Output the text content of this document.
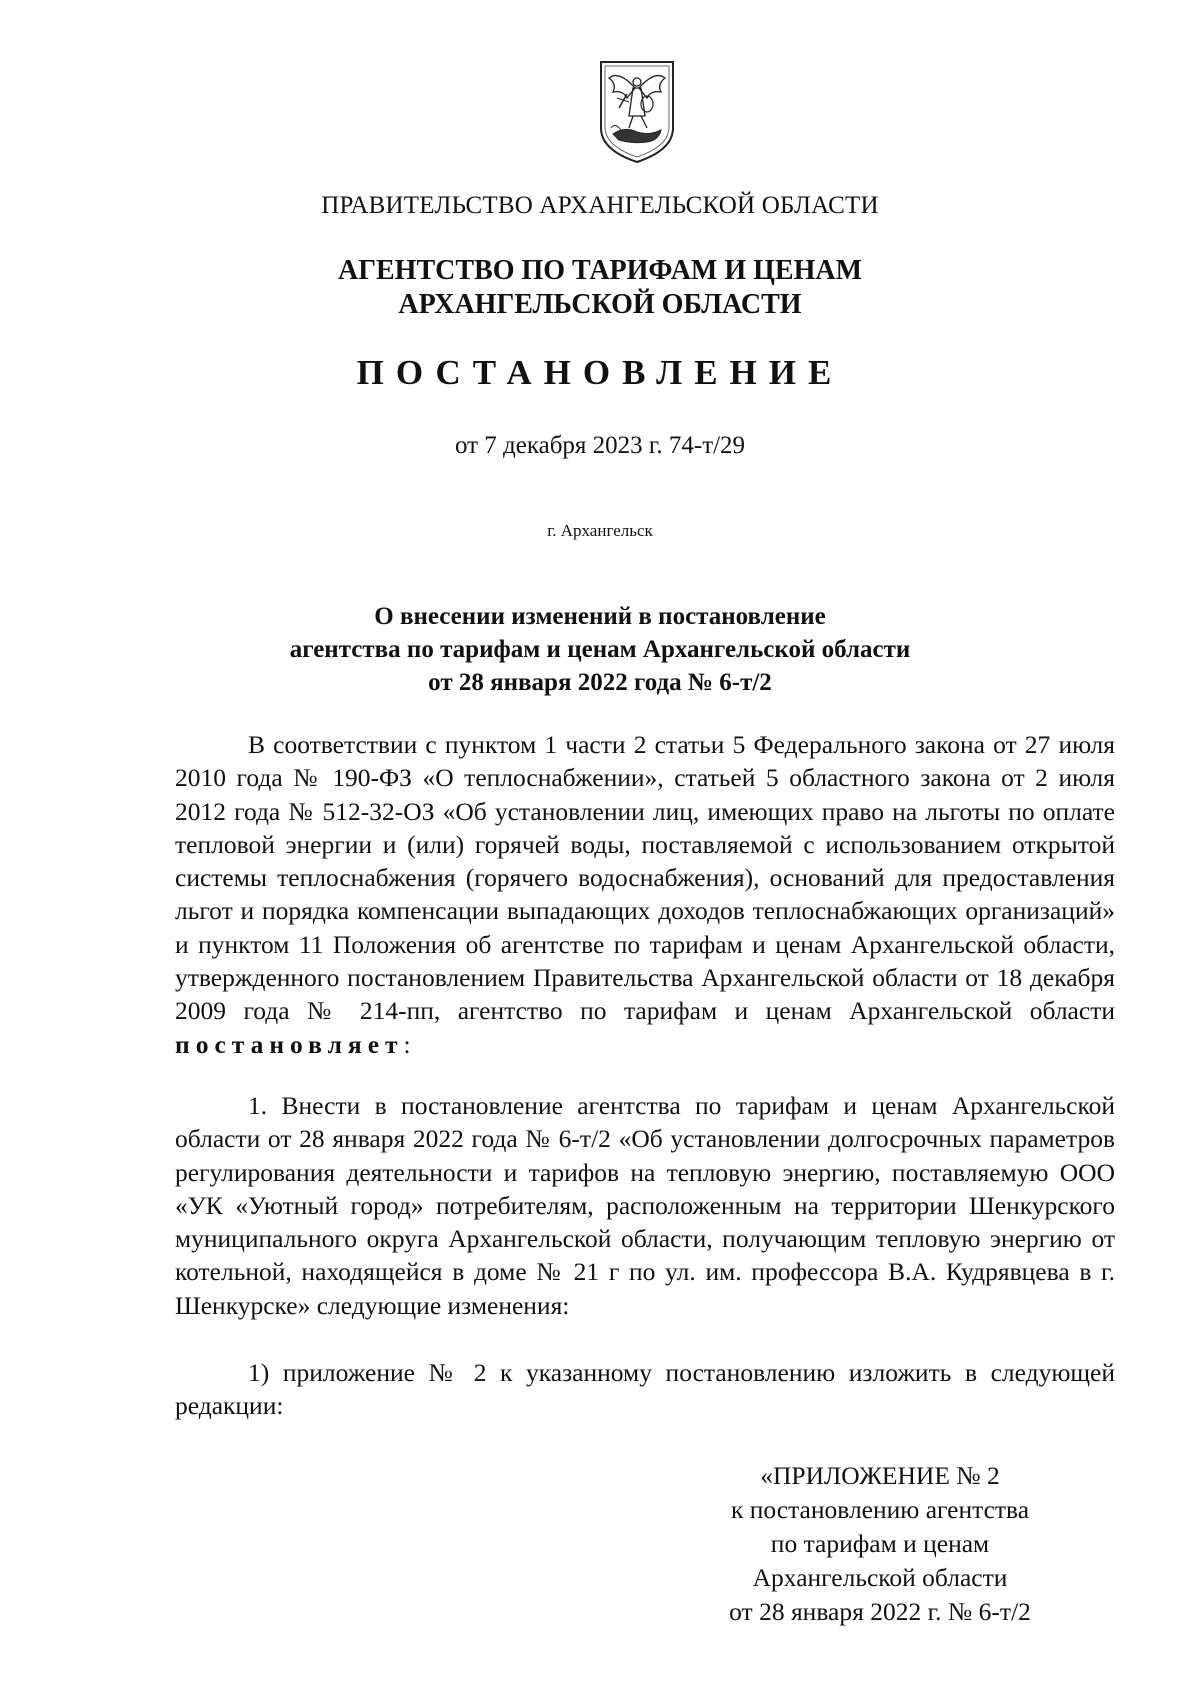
ПРАВИТЕЛЬСТВО АРХАНГЕЛЬСКОЙ ОБЛАСТИ
АГЕНТСТВО ПО ТАРИФАМ И ЦЕНАМ
АРХАНГЕЛЬСКОЙ ОБЛАСТИ
ПОСТАНОВЛЕНИЕ
от 7 декабря 2023 г. 74-т/29
г. Архангельск
О внесении изменений в постановление
агентства по тарифам и ценам Архангельской области
от 28 января 2022 года № 6-т/2

В соответствии с пунктом 1 части 2 статьи 5 Федерального закона от 27 июля 2010 года № 190-ФЗ «О теплоснабжении», статьей 5 областного закона от 2 июля 2012 года № 512-32-ОЗ «Об установлении лиц, имеющих право на льготы по оплате тепловой энергии и (или) горячей воды, поставляемой с использованием открытой системы теплоснабжения (горячего водоснабжения), оснований для предоставления льгот и порядка компенсации выпадающих доходов теплоснабжающих организаций» и пунктом 11 Положения об агентстве по тарифам и ценам Архангельской области, утвержденного постановлением Правительства Архангельской области от 18 декабря 2009 года № 214-пп, агентство по тарифам и ценам Архангельской области постановляет:

1. Внести в постановление агентства по тарифам и ценам Архангельской области от 28 января 2022 года № 6-т/2 «Об установлении долгосрочных параметров регулирования деятельности и тарифов на тепловую энергию, поставляемую ООО «УК «Уютный город» потребителям, расположенным на территории Шенкурского муниципального округа Архангельской области, получающим тепловую энергию от котельной, находящейся в доме № 21 г по ул. им. профессора В.А. Кудрявцева в г. Шенкурске» следующие изменения:

1) приложение № 2 к указанному постановлению изложить в следующей редакции:

«ПРИЛОЖЕНИЕ № 2
к постановлению агентства
по тарифам и ценам
Архангельской области
от 28 января 2022 г. № 6-т/2
